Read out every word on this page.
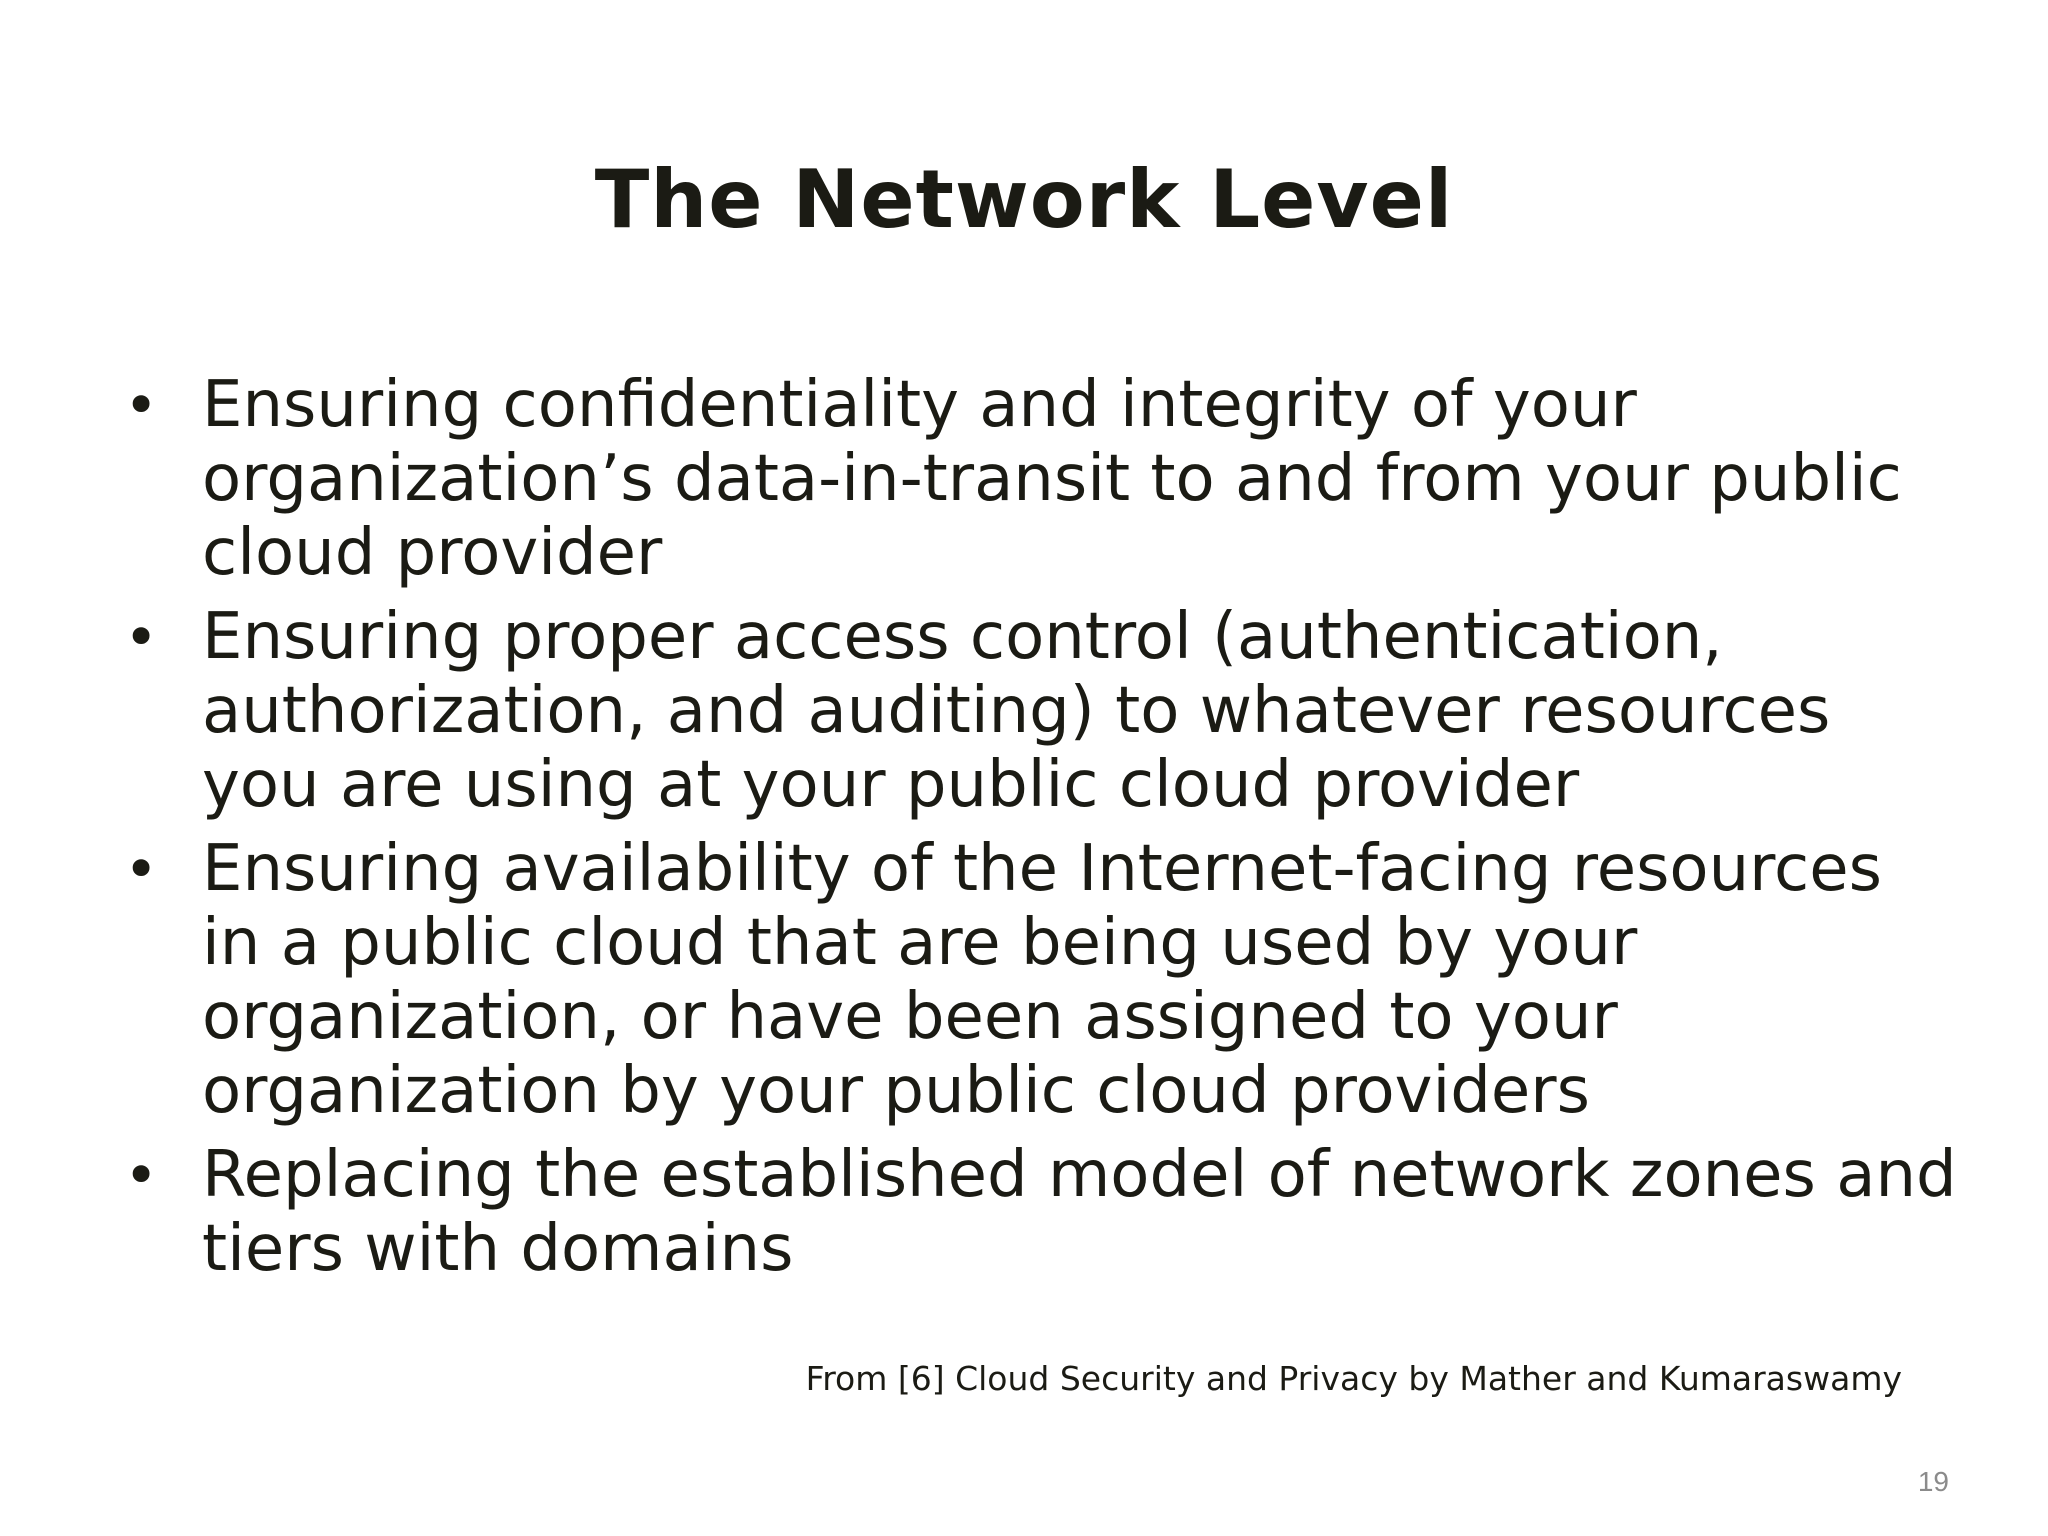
The Network Level
• Ensuring confidentiality and integrity of your organization’s data-in-transit to and from your public cloud provider
• Ensuring proper access control (authentication, authorization, and auditing) to whatever resources you are using at your public cloud provider
• Ensuring availability of the Internet-facing resources in a public cloud that are being used by your organization, or have been assigned to your organization by your public cloud providers
• Replacing the established model of network zones and tiers with domains
From [6] Cloud Security and Privacy by Mather and Kumaraswamy
19
